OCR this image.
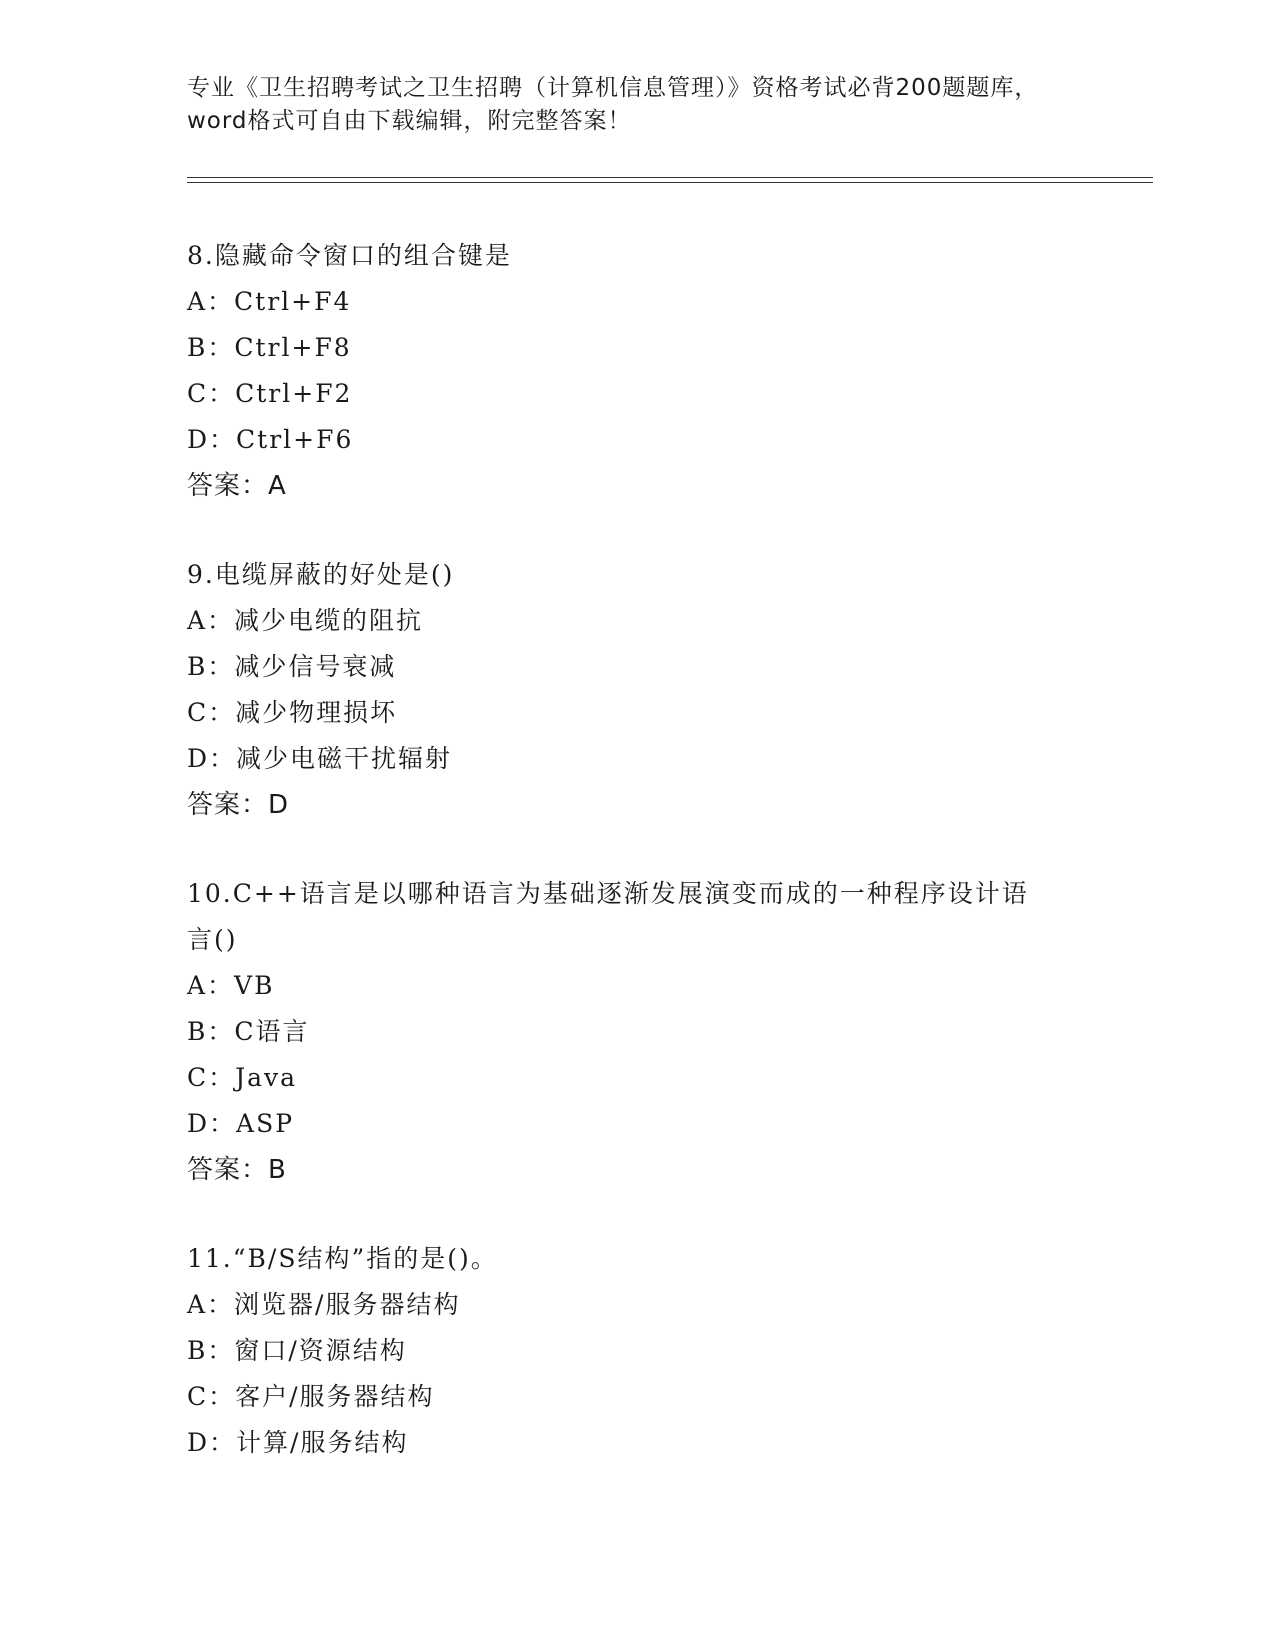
专业《卫生招聘考试之卫生招聘（计算机信息管理）》资格考试必背200题题库，
word格式可自由下载编辑，附完整答案！
8.隐藏命令窗口的组合键是
A：Ctrl+F4
B：Ctrl+F8
C：Ctrl+F2
D：Ctrl+F6
答案：A
9.电缆屏蔽的好处是()
A：减少电缆的阻抗
B：减少信号衰减
C：减少物理损坏
D：减少电磁干扰辐射
答案：D
10.C++语言是以哪种语言为基础逐渐发展演变而成的一种程序设计语言()
A：VB
B：C语言
C：Java
D：ASP
答案：B
11.“B/S结构”指的是()。
A：浏览器/服务器结构
B：窗口/资源结构
C：客户/服务器结构
D：计算/服务结构
